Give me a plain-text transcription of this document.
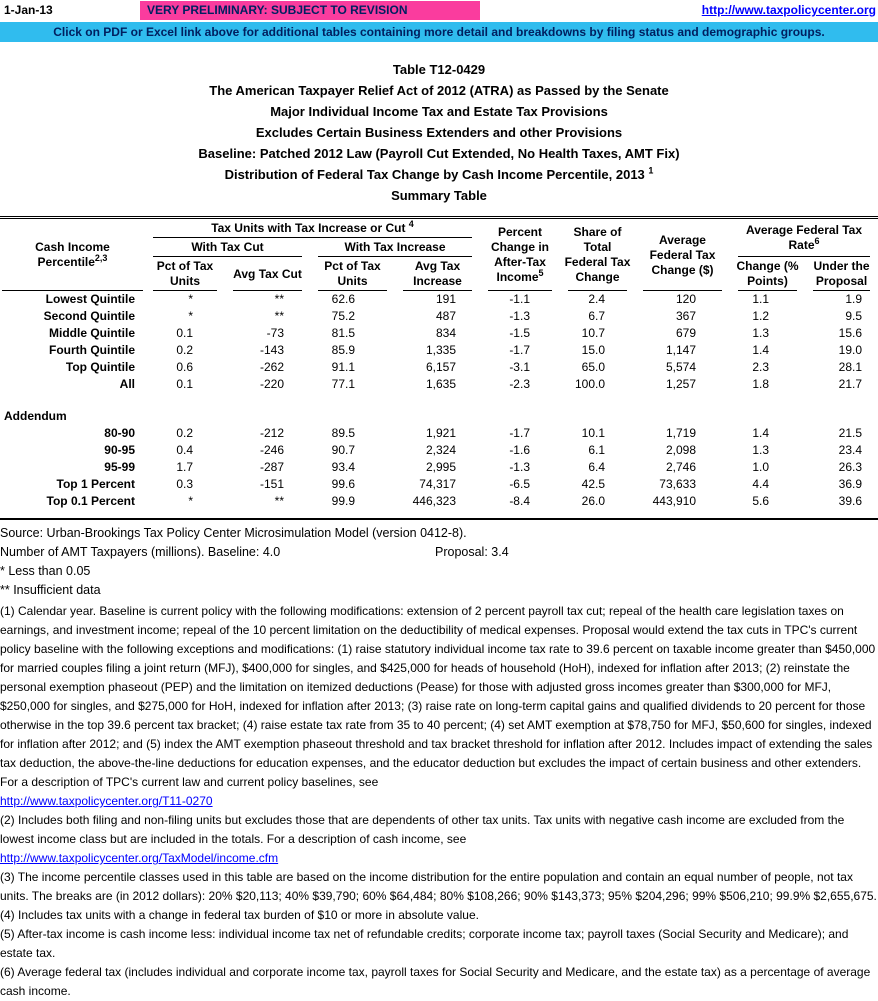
1-Jan-13	VERY PRELIMINARY: SUBJECT TO REVISION	http://www.taxpolicycenter.org
Click on PDF or Excel link above for additional tables containing more detail and breakdowns by filing status and demographic groups.
Table T12-0429
The American Taxpayer Relief Act of 2012 (ATRA) as Passed by the Senate
Major Individual Income Tax and Estate Tax Provisions
Excludes Certain Business Extenders and other Provisions
Baseline: Patched 2012 Law (Payroll Cut Extended, No Health Taxes, AMT Fix)
Distribution of Federal Tax Change by Cash Income Percentile, 2013 $^1$
Summary Table
Cash Income
Percentile$^{2,3}$	Tax Units with Tax Increase or Cut $^4$				Percent Change in After-Tax Income$^5$	Share of Total Federal Tax Change	Average Federal Tax Change ($)	Average Federal Tax Rate$^6$
	With Tax Cut		With Tax Increase						
	Pct of Tax Units	Avg Tax Cut	Pct of Tax Units	Avg Tax Increase				Change (% Points)	Under the Proposal
Lowest Quintile	*	**	62.6	191	-1.1	2.4	120	1.1	1.9
Second Quintile	*	**	75.2	487	-1.3	6.7	367	1.2	9.5
Middle Quintile	0.1	-73	81.5	834	-1.5	10.7	679	1.3	15.6
Fourth Quintile	0.2	-143	85.9	1,335	-1.7	15.0	1,147	1.4	19.0
Top Quintile	0.6	-262	91.1	6,157	-3.1	65.0	5,574	2.3	28.1
All	0.1	-220	77.1	1,635	-2.3	100.0	1,257	1.8	21.7

Addendum									
80-90	0.2	-212	89.5	1,921	-1.7	10.1	1,719	1.4	21.5
90-95	0.4	-246	90.7	2,324	-1.6	6.1	2,098	1.3	23.4
95-99	1.7	-287	93.4	2,995	-1.3	6.4	2,746	1.0	26.3
Top 1 Percent	0.3	-151	99.6	74,317	-6.5	42.5	73,633	4.4	36.9
Top 0.1 Percent	*	**	99.9	446,323	-8.4	26.0	443,910	5.6	39.6

Source: Urban-Brookings Tax Policy Center Microsimulation Model (version 0412-8).
Number of AMT Taxpayers (millions). Baseline: 4.0	Proposal: 3.4
* Less than 0.05
** Insufficient data

(1) Calendar year. Baseline is current policy with the following modifications: extension of 2 percent payroll tax cut; repeal of the health care legislation taxes on earnings, and investment income; repeal of the 10 percent limitation on the deductibility of medical expenses. Proposal would extend the tax cuts in TPC's current policy baseline with the following exceptions and modifications: (1) raise statutory individual income tax rate to 39.6 percent on taxable income greater than $450,000 for married couples filing a joint return (MFJ), $400,000 for singles, and $425,000 for heads of household (HoH), indexed for inflation after 2013; (2) reinstate the personal exemption phaseout (PEP) and the limitation on itemized deductions (Pease) for those with adjusted gross incomes greater than $300,000 for MFJ, $250,000 for singles, and $275,000 for HoH, indexed for inflation after 2013; (3) raise rate on long-term capital gains and qualified dividends to 20 percent for those otherwise in the top 39.6 percent tax bracket; (4) raise estate tax rate from 35 to 40 percent; (4) set AMT exemption at $78,750 for MFJ, $50,600 for singles, indexed for inflation after 2012; and (5) index the AMT exemption phaseout threshold and tax bracket threshold for inflation after 2012. Includes impact of extending the sales tax deduction, the above-the-line deductions for education expenses, and the educator deduction but excludes the impact of certain business and other extenders. For a description of TPC's current law and current policy baselines, see

http://www.taxpolicycenter.org/T11-0270

(2) Includes both filing and non-filing units but excludes those that are dependents of other tax units. Tax units with negative cash income are excluded from the lowest income class but are included in the totals. For a description of cash income, see

http://www.taxpolicycenter.org/TaxModel/income.cfm

(3) The income percentile classes used in this table are based on the income distribution for the entire population and contain an equal number of people, not tax units. The breaks are (in 2012 dollars): 20% $20,113; 40% $39,790; 60% $64,484; 80% $108,266; 90% $143,373; 95% $204,296; 99% $506,210; 99.9% $2,655,675.

(4) Includes tax units with a change in federal tax burden of $10 or more in absolute value.

(5) After-tax income is cash income less: individual income tax net of refundable credits; corporate income tax; payroll taxes (Social Security and Medicare); and estate tax.

(6) Average federal tax (includes individual and corporate income tax, payroll taxes for Social Security and Medicare, and the estate tax) as a percentage of average cash income.
